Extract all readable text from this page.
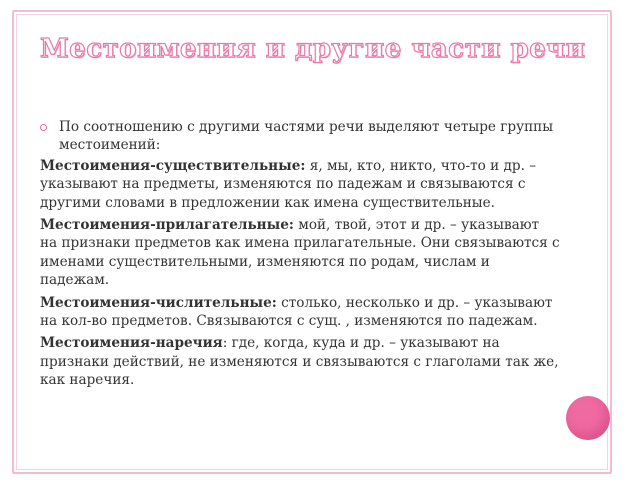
Местоимения и другие части речи
По соотношению с другими частями речи выделяют четыре группы местоимений:

Местоимения-существительные: я, мы, кто, никто, что-то и др. – указывают на предметы, изменяются по падежам и связываются с другими словами в предложении как имена существительные.

Местоимения-прилагательные: мой, твой, этот и др. – указывают на признаки предметов как имена прилагательные. Они связываются с именами существительными, изменяются по родам, числам и падежам.

Местоимения-числительные: столько, несколько и др. – указывают на кол-во предметов. Связываются с сущ. , изменяются по падежам.

Местоимения-наречия: где, когда, куда и др. – указывают на признаки действий, не изменяются и связываются с глаголами так же, как наречия.
